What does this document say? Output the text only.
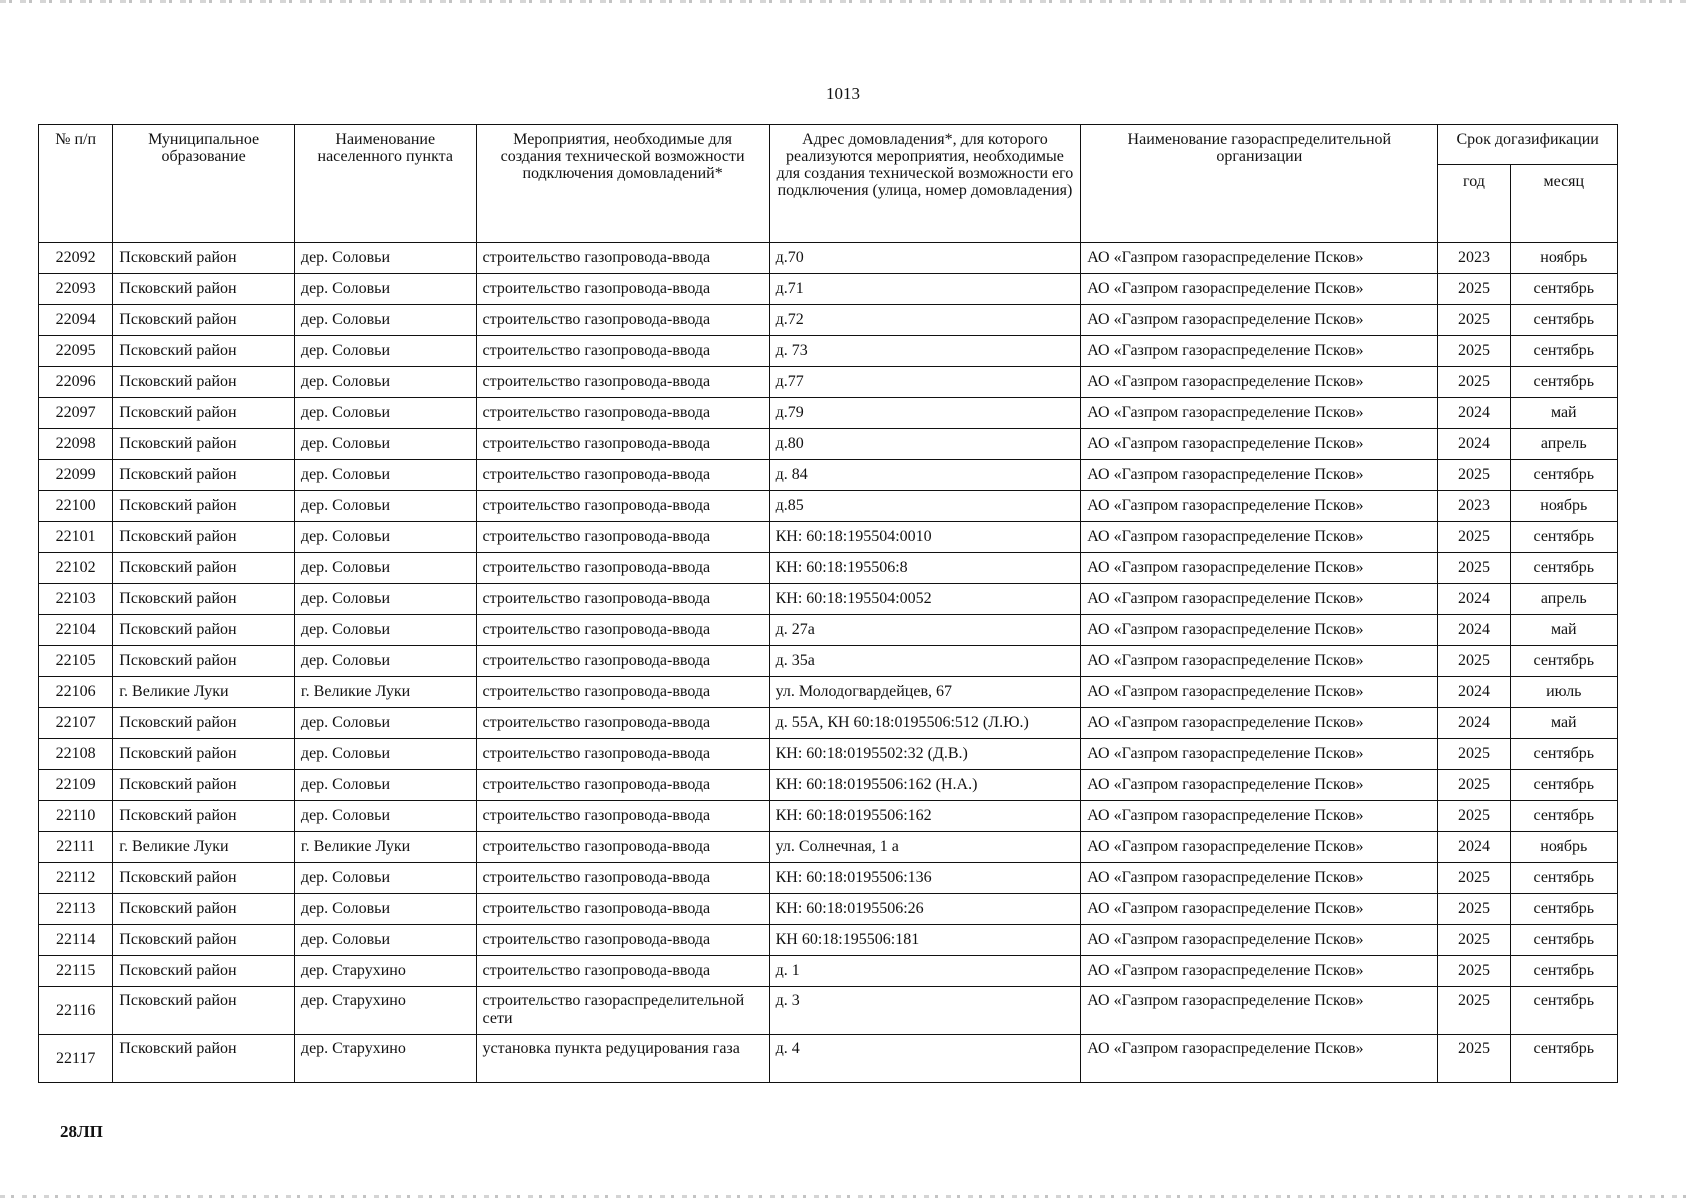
1013
№ п/п	Муниципальное образование	Наименование населенного пункта	Мероприятия, необходимые для создания технической возможности подключения домовладений*	Адрес домовладения*, для которого реализуются мероприятия, необходимые для создания технической возможности его подключения (улица, номер домовладения)	Наименование газораспределительной организации	Срок догазификации	
						год	месяц
22092	Псковский район	дер. Соловьи	строительство газопровода-ввода	д.70	АО «Газпром газораспределение Псков»	2023	ноябрь
22093	Псковский район	дер. Соловьи	строительство газопровода-ввода	д.71	АО «Газпром газораспределение Псков»	2025	сентябрь
22094	Псковский район	дер. Соловьи	строительство газопровода-ввода	д.72	АО «Газпром газораспределение Псков»	2025	сентябрь
22095	Псковский район	дер. Соловьи	строительство газопровода-ввода	д. 73	АО «Газпром газораспределение Псков»	2025	сентябрь
22096	Псковский район	дер. Соловьи	строительство газопровода-ввода	д.77	АО «Газпром газораспределение Псков»	2025	сентябрь
22097	Псковский район	дер. Соловьи	строительство газопровода-ввода	д.79	АО «Газпром газораспределение Псков»	2024	май
22098	Псковский район	дер. Соловьи	строительство газопровода-ввода	д.80	АО «Газпром газораспределение Псков»	2024	апрель
22099	Псковский район	дер. Соловьи	строительство газопровода-ввода	д. 84	АО «Газпром газораспределение Псков»	2025	сентябрь
22100	Псковский район	дер. Соловьи	строительство газопровода-ввода	д.85	АО «Газпром газораспределение Псков»	2023	ноябрь
22101	Псковский район	дер. Соловьи	строительство газопровода-ввода	КН: 60:18:195504:0010	АО «Газпром газораспределение Псков»	2025	сентябрь
22102	Псковский район	дер. Соловьи	строительство газопровода-ввода	КН: 60:18:195506:8	АО «Газпром газораспределение Псков»	2025	сентябрь
22103	Псковский район	дер. Соловьи	строительство газопровода-ввода	КН: 60:18:195504:0052	АО «Газпром газораспределение Псков»	2024	апрель
22104	Псковский район	дер. Соловьи	строительство газопровода-ввода	д. 27а	АО «Газпром газораспределение Псков»	2024	май
22105	Псковский район	дер. Соловьи	строительство газопровода-ввода	д. 35а	АО «Газпром газораспределение Псков»	2025	сентябрь
22106	г. Великие Луки	г. Великие Луки	строительство газопровода-ввода	ул. Молодогвардейцев, 67	АО «Газпром газораспределение Псков»	2024	июль
22107	Псковский район	дер. Соловьи	строительство газопровода-ввода	д. 55А, КН 60:18:0195506:512 (Л.Ю.)	АО «Газпром газораспределение Псков»	2024	май
22108	Псковский район	дер. Соловьи	строительство газопровода-ввода	КН: 60:18:0195502:32 (Д.В.)	АО «Газпром газораспределение Псков»	2025	сентябрь
22109	Псковский район	дер. Соловьи	строительство газопровода-ввода	КН: 60:18:0195506:162 (Н.А.)	АО «Газпром газораспределение Псков»	2025	сентябрь
22110	Псковский район	дер. Соловьи	строительство газопровода-ввода	КН: 60:18:0195506:162	АО «Газпром газораспределение Псков»	2025	сентябрь
22111	г. Великие Луки	г. Великие Луки	строительство газопровода-ввода	ул. Солнечная, 1 а	АО «Газпром газораспределение Псков»	2024	ноябрь
22112	Псковский район	дер. Соловьи	строительство газопровода-ввода	КН: 60:18:0195506:136	АО «Газпром газораспределение Псков»	2025	сентябрь
22113	Псковский район	дер. Соловьи	строительство газопровода-ввода	КН: 60:18:0195506:26	АО «Газпром газораспределение Псков»	2025	сентябрь
22114	Псковский район	дер. Соловьи	строительство газопровода-ввода	КН 60:18:195506:181	АО «Газпром газораспределение Псков»	2025	сентябрь
22115	Псковский район	дер. Старухино	строительство газопровода-ввода	д. 1	АО «Газпром газораспределение Псков»	2025	сентябрь
22116	Псковский район	дер. Старухино	строительство газораспределительной сети	д. 3	АО «Газпром газораспределение Псков»	2025	сентябрь
22117	Псковский район	дер. Старухино	установка пункта редуцирования газа	д. 4	АО «Газпром газораспределение Псков»	2025	сентябрь
28ЛП
